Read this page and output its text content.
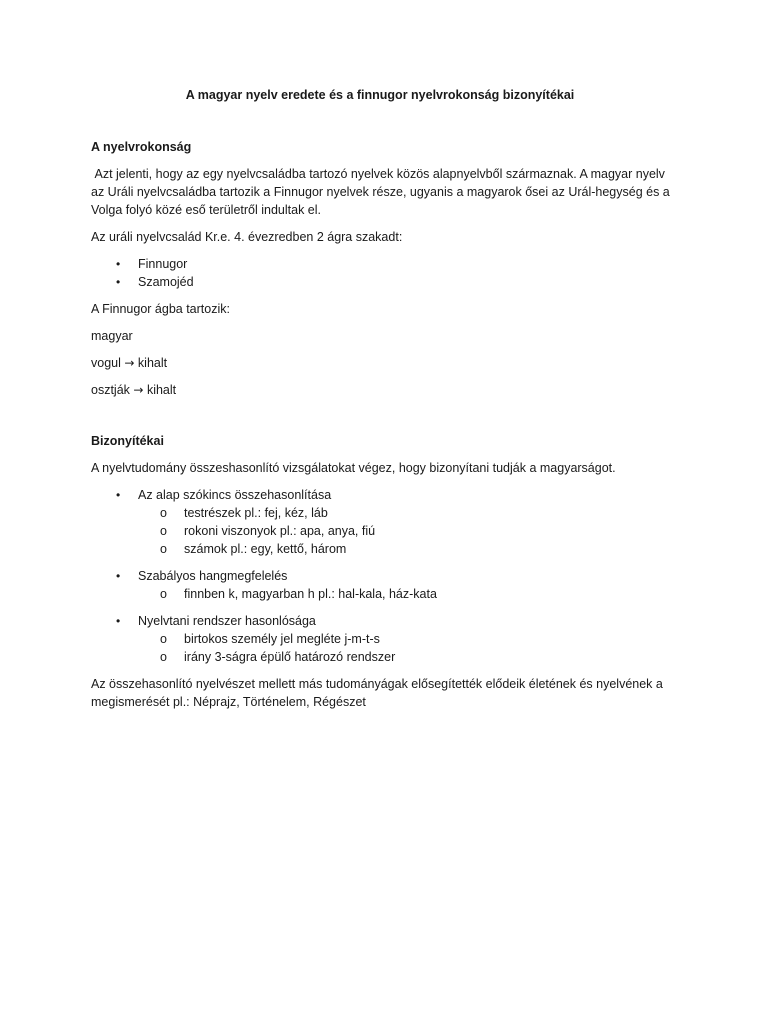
A magyar nyelv eredete és a finnugor nyelvrokonság bizonyítékai
A nyelvrokonság

Azt jelenti, hogy az egy nyelvcsaládba tartozó nyelvek közös alapnyelvből származnak. A magyar nyelv az Uráli nyelvcsaládba tartozik a Finnugor nyelvek része, ugyanis a magyarok ősei az Urál-hegység és a Volga folyó közé eső területről indultak el.

Az uráli nyelvcsalád Kr.e. 4. évezredben 2 ágra szakadt:

• Finnugor
• Szamojéd

A Finnugor ágba tartozik:

magyar
vogul → kihalt
osztják → kihalt
Bizonyítékai

A nyelvtudomány összeshasonlító vizsgálatokat végez, hogy bizonyítani tudják a magyarságot.

• Az alap szókincs összehasonlítása
o testrészek pl.: fej, kéz, láb
o rokoni viszonyok pl.: apa, anya, fiú
o számok pl.: egy, kettő, három
• Szabályos hangmegfelelés
o finnben k, magyarban h pl.: hal-kala, ház-kata
• Nyelvtani rendszer hasonlósága
o birtokos személy jel megléte j-m-t-s
o irány 3-ságra épülő határozó rendszer

Az összehasonlító nyelvészet mellett más tudományágak elősegítették elődeik életének és nyelvének a megismerését pl.: Néprajz, Történelem, Régészet
